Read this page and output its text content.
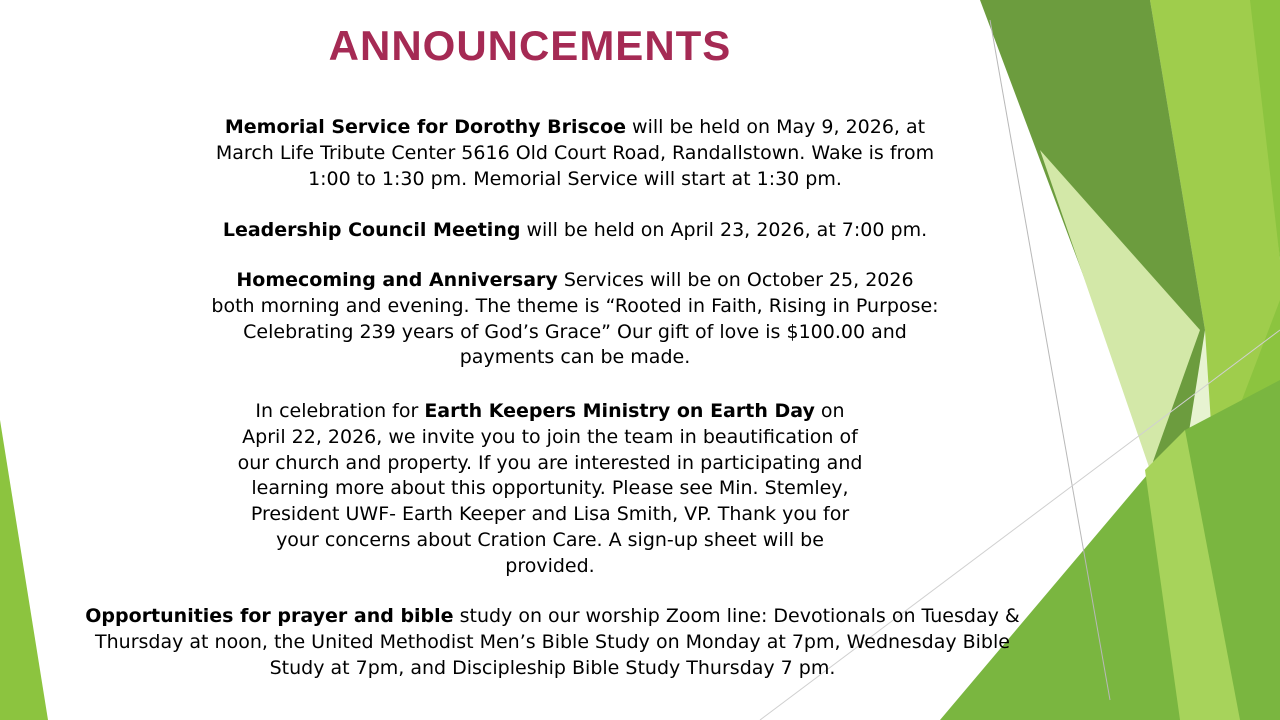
ANNOUNCEMENTS
Memorial Service for Dorothy Briscoe will be held on May 9, 2026, at
March Life Tribute Center 5616 Old Court Road, Randallstown. Wake is from
1:00 to 1:30 pm. Memorial Service will start at 1:30 pm.
Leadership Council Meeting will be held on April 23, 2026, at 7:00 pm.
Homecoming and Anniversary Services will be on October 25, 2026
both morning and evening. The theme is “Rooted in Faith, Rising in Purpose:
Celebrating 239 years of God’s Grace” Our gift of love is $100.00 and
payments can be made.
In celebration for Earth Keepers Ministry on Earth Day on
April 22, 2026, we invite you to join the team in beautification of
our church and property. If you are interested in participating and
learning more about this opportunity. Please see Min. Stemley,
President UWF- Earth Keeper and Lisa Smith, VP. Thank you for
your concerns about Cration Care. A sign-up sheet will be
provided.
Opportunities for prayer and bible study on our worship Zoom line: Devotionals on Tuesday &
Thursday at noon, the United Methodist Men’s Bible Study on Monday at 7pm, Wednesday Bible
Study at 7pm, and Discipleship Bible Study Thursday 7 pm.
